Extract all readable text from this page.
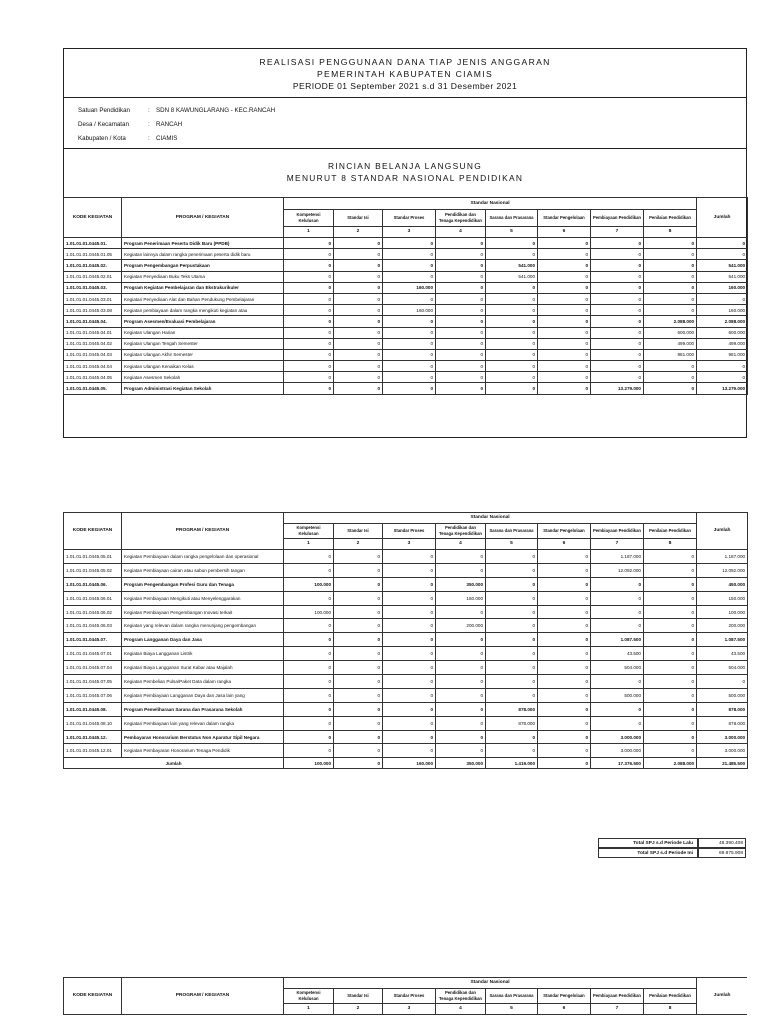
REALISASI PENGGUNAAN DANA TIAP JENIS ANGGARAN
PEMERINTAH KABUPATEN CIAMIS
PERIODE 01 September 2021 s.d 31 Desember 2021
Satuan Pendidikan	: SDN 8 KAWUNGLARANG - KEC.RANCAH
Desa / Kecamatan	: RANCAH
Kabupaten / Kota	: CIAMIS
RINCIAN BELANJA LANGSUNG
MENURUT 8 STANDAR NASIONAL PENDIDIKAN
KODE KEGIATAN	PROGRAM / KEGIATAN	Standar Nasional								Jumlah
		Kompetensi Kelulusan	Standar Isi	Standar Proses	Pendidikan dan Tenaga Kependidikan	Sarana dan Prasarana	Standar Pengelolaan	Pembiayaan Pendidikan	Penilaian Pendidikan	
		1	2	3	4	5	6	7	8	
1.01.01.01.0445.01.	Program Penerimaan Peserta Didik Baru (PPDB)	0	0	0	0	0	0	0	0	0
1.01.01.01.0445.01.05	Kegiatan lainnya dalam rangka penerimaan peserta didik baru	0	0	0	0	0	0	0	0	0
1.01.01.01.0445.02.	Program Pengembangan Perpustakaan	0	0	0	0	541.000	0	0	0	541.000
1.01.01.01.0445.02.01	Kegiatan Penyediaan Buku Teks Utama	0	0	0	0	541.000	0	0	0	541.000
1.01.01.01.0445.03.	Program Kegiatan Pembelajaran dan Ekstrakurikuler	0	0	160.000	0	0	0	0	0	160.000
1.01.01.01.0445.03.01	Kegiatan Penyediaan Alat dan Bahan Pendukung Pembelajaran	0	0	0	0	0	0	0	0	0
1.01.01.01.0445.03.08	Kegiatan pembiayaan dalam rangka mengikuti kegiatan atau	0	0	160.000	0	0	0	0	0	160.000
1.01.01.01.0445.04.	Program Asesmen/Evaluasi Pembelajaran	0	0	0	0	0	0	0	2.088.000	2.088.000
1.01.01.01.0445.04.01	Kegiatan Ulangan Harian	0	0	0	0	0	0	0	600.000	600.000
1.01.01.01.0445.04.02	Kegiatan Ulangan Tengah Semester	0	0	0	0	0	0	0	499.000	499.000
1.01.01.01.0445.04.03	Kegiatan Ulangan Akhir Semester	0	0	0	0	0	0	0	981.000	981.000
1.01.01.01.0445.04.04	Kegiatan Ulangan Kenaikan Kelas	0	0	0	0	0	0	0	0	0
1.01.01.01.0445.04.05	Kegiatan Asesmen Sekolah	0	0	0	0	0	0	0	0	0
1.01.01.01.0445.05.	Program Administrasi Kegiatan Sekolah	0	0	0	0	0	0	13.279.000	0	13.279.000
KODE KEGIATAN	PROGRAM / KEGIATAN	Standar Nasional								Jumlah
		Kompetensi Kelulusan	Standar Isi	Standar Proses	Pendidikan dan Tenaga Kependidikan	Sarana dan Prasarana	Standar Pengelolaan	Pembiayaan Pendidikan	Penilaian Pendidikan	
		1	2	3	4	5	6	7	8	
1.01.01.01.0445.05.01	Kegiatan Pembiayaan dalam rangka pengelolaan dan operasional	0	0	0	0	0	0	1.187.000	0	1.187.000
1.01.01.01.0445.05.02	Kegiatan Pembiayaan cairan atau sabun pembersih tangan	0	0	0	0	0	0	12.092.000	0	12.092.000
1.01.01.01.0445.06.	Program Pengembangan Profesi Guru dan Tenaga	100.000	0	0	350.000	0	0	0	0	450.000
1.01.01.01.0445.06.01	Kegiatan Pembiayaan Mengikuti atau Menyelenggarakan	0	0	0	150.000	0	0	0	0	150.000
1.01.01.01.0445.06.02	Kegiatan Pembiayaan Pengembangan Inovasi terkait	100.000	0	0	0	0	0	0	0	100.000
1.01.01.01.0445.06.03	Kegiatan yang relevan dalam rangka menunjang pengembangan	0	0	0	200.000	0	0	0	0	200.000
1.01.01.01.0445.07.	Program Langganan Daya dan Jasa	0	0	0	0	0	0	1.087.500	0	1.087.500
1.01.01.01.0445.07.01	Kegiatan Biaya Langganan Listrik	0	0	0	0	0	0	43.500	0	43.500
1.01.01.01.0445.07.04	Kegiatan Biaya Langganan Surat Kabar atau Majalah	0	0	0	0	0	0	504.000	0	504.000
1.01.01.01.0445.07.05	Kegiatan Pembelian Pulsa/Paket Data dalam rangka	0	0	0	0	0	0	0	0	0
1.01.01.01.0445.07.06	Kegiatan Pembiayaan Langganan Daya dan Jasa lain yang	0	0	0	0	0	0	500.000	0	500.000
1.01.01.01.0445.08.	Program Pemeliharaan Sarana dan Prasarana Sekolah	0	0	0	0	878.000	0	0	0	878.000
1.01.01.01.0445.08.10	Kegiatan Pembiayaan lain yang relevan dalam rangka	0	0	0	0	878.000	0	0	0	878.000
1.01.01.01.0445.12.	Pembayaran Honorarium Berstatus Non Aparatur Sipil Negara	0	0	0	0	0	0	3.000.000	0	3.000.000
1.01.01.01.0445.12.01	Kegiatan Pembayaran Honorarium Tenaga Pendidik	0	0	0	0	0	0	3.000.000	0	3.000.000
Jumlah		100.000	0	160.000	350.000	1.419.000	0	17.376.500	2.088.000	21.485.500
Total SPJ s.d Periode Lalu	48.390.408
Total SPJ s.d Periode Ini	69.875.908
KODE KEGIATAN	PROGRAM / KEGIATAN	Standar Nasional								Jumlah
		Kompetensi Kelulusan	Standar Isi	Standar Proses	Pendidikan dan Tenaga Kependidikan	Sarana dan Prasarana	Standar Pengelolaan	Pembiayaan Pendidikan	Penilaian Pendidikan	
		1	2	3	4	5	6	7	8	
